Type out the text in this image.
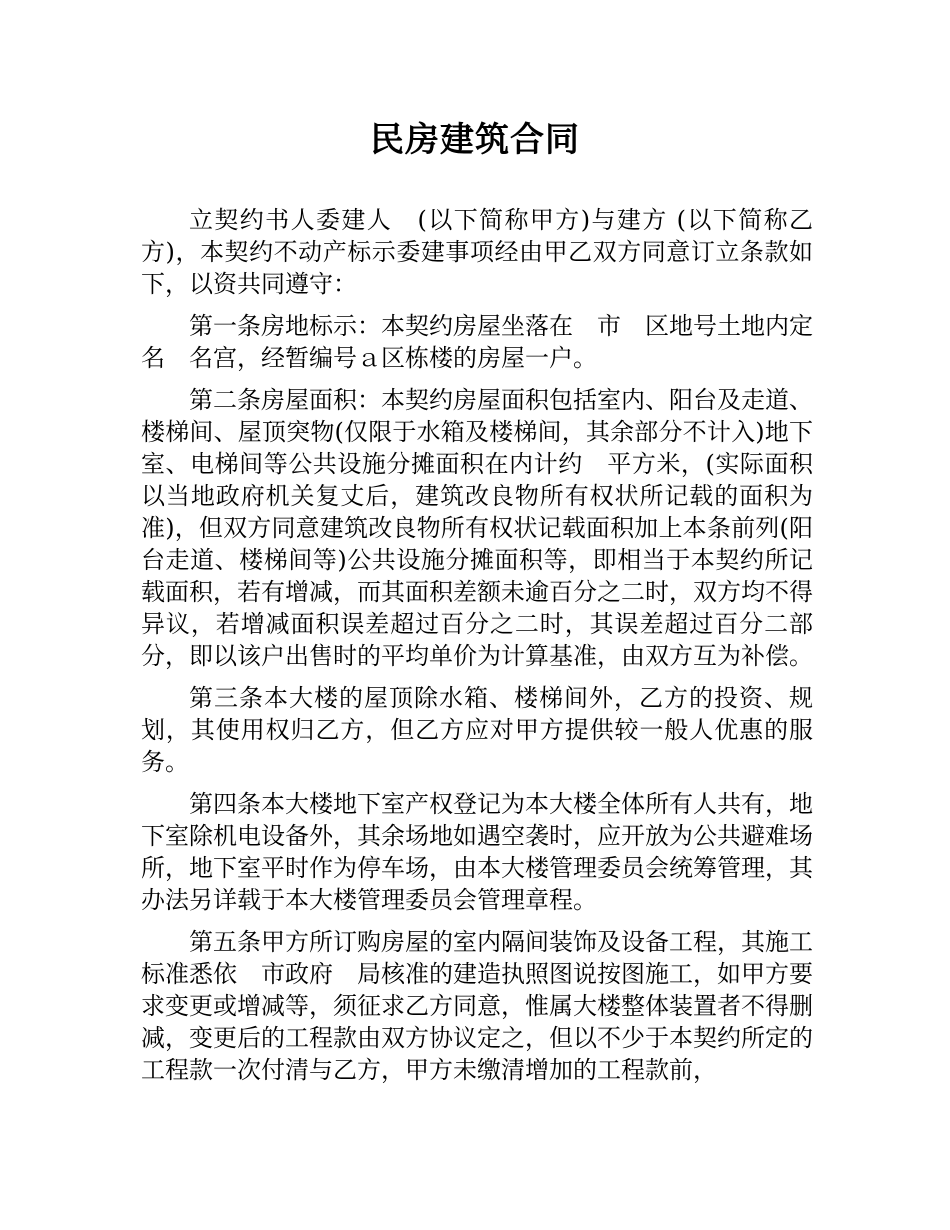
民房建筑合同

立契约书人委建人　(以下简称甲方)与建方 (以下简称乙方)，本契约不动产标示委建事项经由甲乙双方同意订立条款如下，以资共同遵守：

第一条房地标示：本契约房屋坐落在　市　区地号土地内定名　名宫，经暂编号ａ区栋楼的房屋一户。

第二条房屋面积：本契约房屋面积包括室内、阳台及走道、楼梯间、屋顶突物(仅限于水箱及楼梯间，其余部分不计入)地下室、电梯间等公共设施分摊面积在内计约　平方米，(实际面积以当地政府机关复丈后，建筑改良物所有权状所记载的面积为准)，但双方同意建筑改良物所有权状记载面积加上本条前列(阳台走道、楼梯间等)公共设施分摊面积等，即相当于本契约所记载面积，若有增减，而其面积差额未逾百分之二时，双方均不得异议，若增减面积误差超过百分之二时，其误差超过百分二部分，即以该户出售时的平均单价为计算基准，由双方互为补偿。

第三条本大楼的屋顶除水箱、楼梯间外，乙方的投资、规划，其使用权归乙方，但乙方应对甲方提供较一般人优惠的服务。

第四条本大楼地下室产权登记为本大楼全体所有人共有，地下室除机电设备外，其余场地如遇空袭时，应开放为公共避难场所，地下室平时作为停车场，由本大楼管理委员会统筹管理，其办法另详载于本大楼管理委员会管理章程。

第五条甲方所订购房屋的室内隔间装饰及设备工程，其施工标准悉依　市政府　局核准的建造执照图说按图施工，如甲方要求变更或增减等，须征求乙方同意，惟属大楼整体装置者不得删减，变更后的工程款由双方协议定之，但以不少于本契约所定的工程款一次付清与乙方，甲方未缴清增加的工程款前，
